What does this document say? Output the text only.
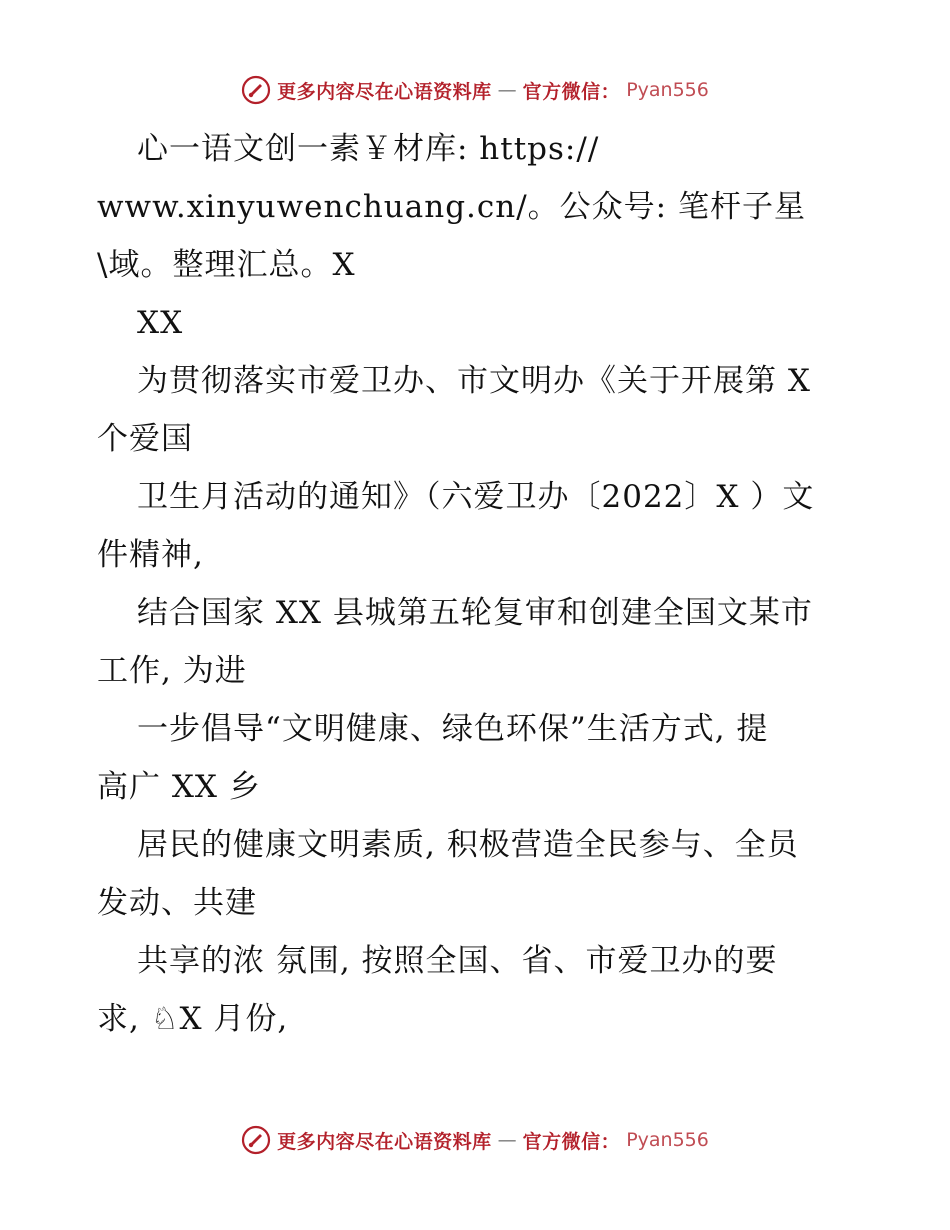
更多内容尽在心语资料库 — 官方微信： Pyan556
心一语文创一素￥材库: https://
www.xinyuwenchuang.cn/。公众号: 笔杆子星
\域。整理汇总。X
XX
为贯彻落实市爱卫办、市文明办《关于开展第 X
个爱国
卫生月活动的通知》（六爱卫办〔2022〕X ）文
件精神,
结合国家 XX 县城第五轮复审和创建全国文某市
工作, 为进
一步倡导“文明健康、绿色环保”生活方式, 提
高广 XX 乡
居民的健康文明素质, 积极营造全民参与、全员
发动、共建
共享的浓 氛围, 按照全国、省、市爱卫办的要
求, ♘X 月份,
更多内容尽在心语资料库 — 官方微信： Pyan556
